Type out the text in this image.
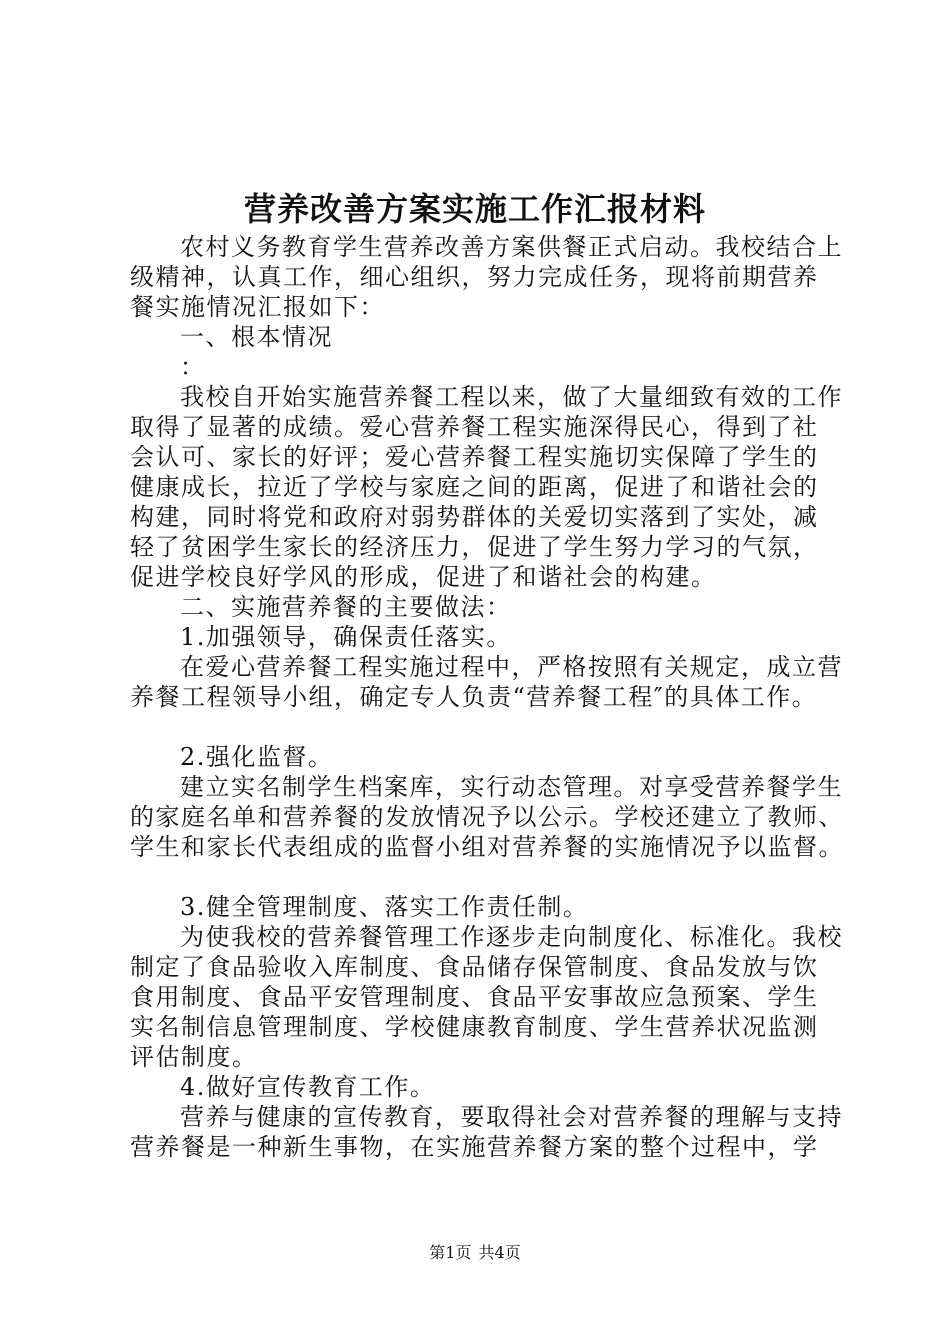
营养改善方案实施工作汇报材料
农村义务教育学生营养改善方案供餐正式启动。我校结合上
级精神，认真工作，细心组织，努力完成任务，现将前期营养
餐实施情况汇报如下：
一、根本情况
：
我校自开始实施营养餐工程以来，做了大量细致有效的工作
取得了显著的成绩。爱心营养餐工程实施深得民心，得到了社
会认可、家长的好评；爱心营养餐工程实施切实保障了学生的
健康成长，拉近了学校与家庭之间的距离，促进了和谐社会的
构建，同时将党和政府对弱势群体的关爱切实落到了实处，减
轻了贫困学生家长的经济压力，促进了学生努力学习的气氛，
促进学校良好学风的形成，促进了和谐社会的构建。
二、实施营养餐的主要做法：
1.加强领导，确保责任落实。
在爱心营养餐工程实施过程中，严格按照有关规定，成立营
养餐工程领导小组，确定专人负责“营养餐工程″的具体工作。
2.强化监督。
建立实名制学生档案库，实行动态管理。对享受营养餐学生
的家庭名单和营养餐的发放情况予以公示。学校还建立了教师、
学生和家长代表组成的监督小组对营养餐的实施情况予以监督。
3.健全管理制度、落实工作责任制。
为使我校的营养餐管理工作逐步走向制度化、标准化。我校
制定了食品验收入库制度、食品储存保管制度、食品发放与饮
食用制度、食品平安管理制度、食品平安事故应急预案、学生
实名制信息管理制度、学校健康教育制度、学生营养状况监测
评估制度。
4.做好宣传教育工作。
营养与健康的宣传教育，要取得社会对营养餐的理解与支持
营养餐是一种新生事物，在实施营养餐方案的整个过程中，学
第1页 共4页
